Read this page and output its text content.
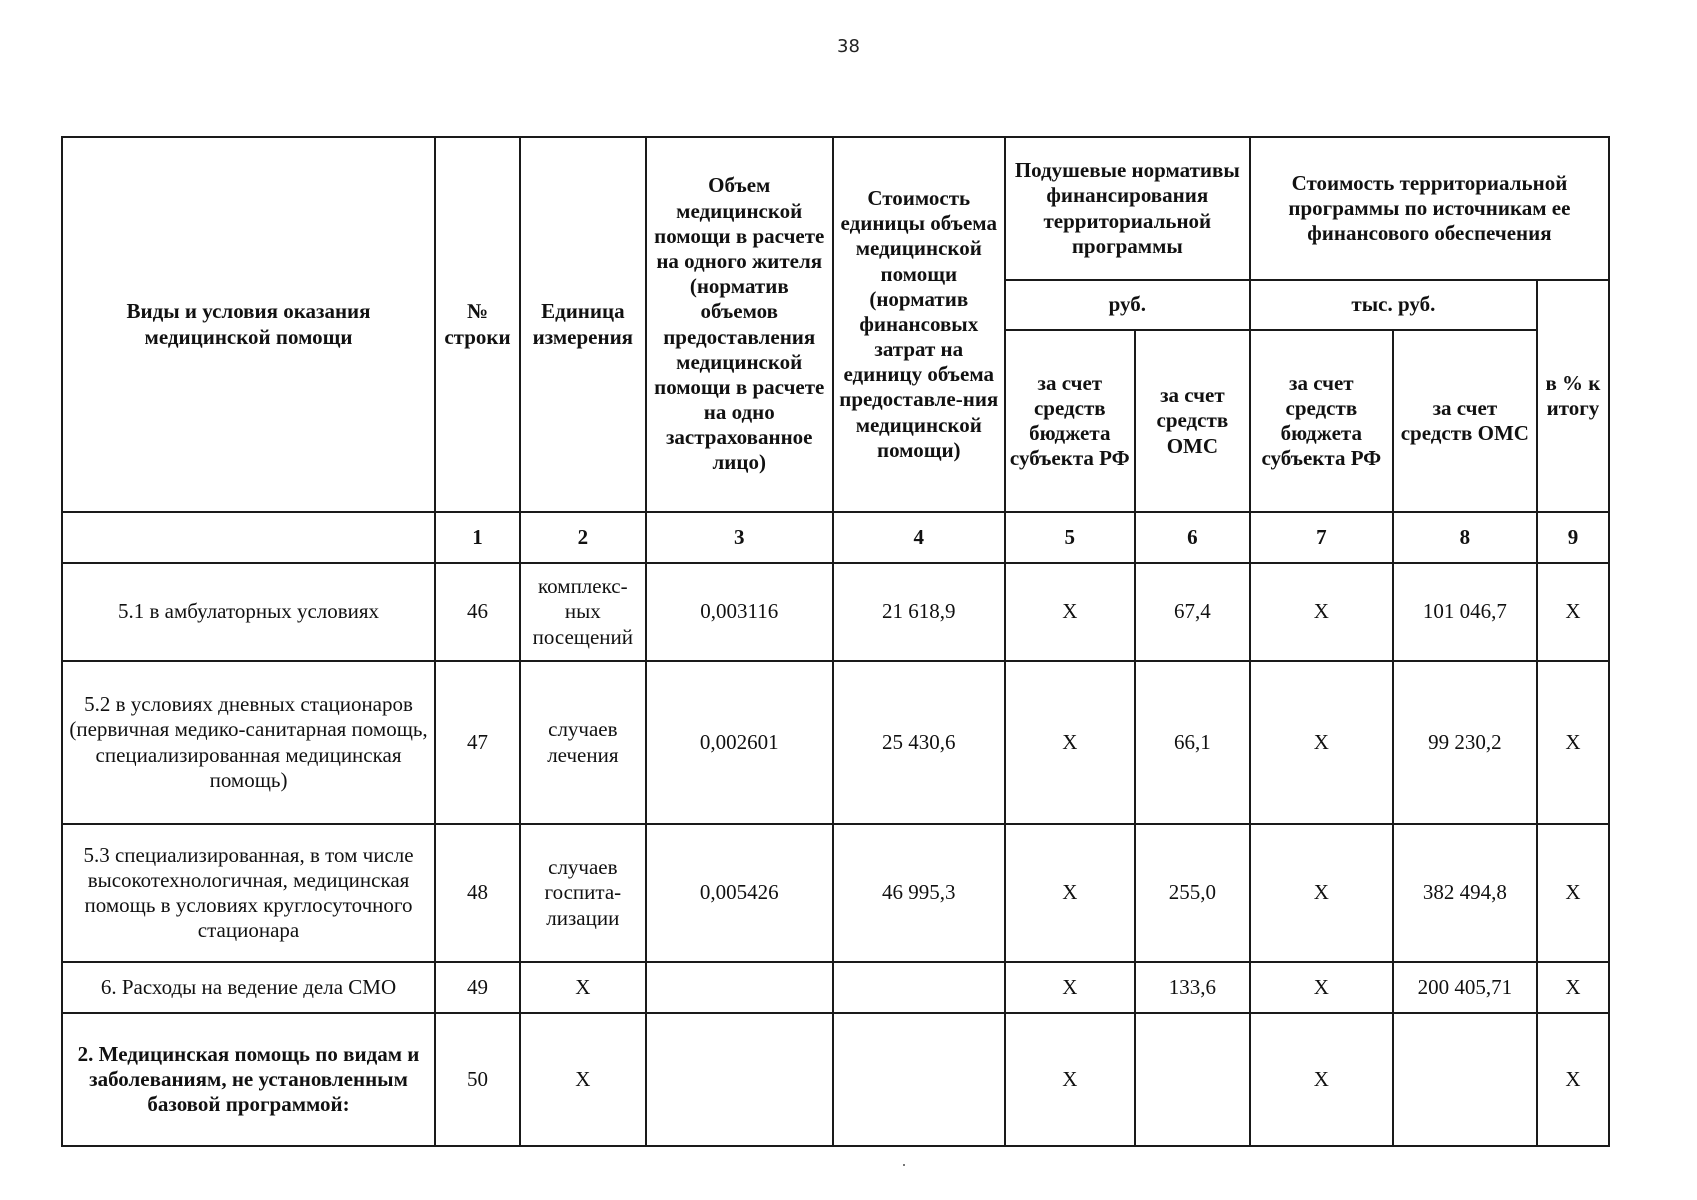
38
Виды и условия оказания медицинской помощи	№ строки	Единица измерения	Объем медицинской помощи в расчете на одного жителя (норматив объемов предоставления медицинской помощи в расчете на одно застрахованное лицо)	Стоимость единицы объема медицинской помощи (норматив финансовых затрат на единицу объема предоставле-ния медицинской помощи)	Подушевые нормативы финансирования территориальной программы		Стоимость территориальной программы по источникам ее финансового обеспечения		

					руб.		тыс. руб.		в % к итогу

					за счет средств бюджета субъекта РФ	за счет средств ОМС	за счет средств бюджета субъекта РФ	за счет средств ОМС	

	1	2	3	4	5	6	7	8	9
5.1 в амбулаторных условиях	46	комплекс-ных посещений	0,003116	21 618,9	X	67,4	X	101 046,7	X
5.2 в условиях дневных стационаров (первичная медико-санитарная помощь, специализированная медицинская помощь)	47	случаев лечения	0,002601	25 430,6	X	66,1	X	99 230,2	X
5.3 специализированная, в том числе высокотехнологичная, медицинская помощь в условиях круглосуточного стационара	48	случаев госпита-лизации	0,005426	46 995,3	X	255,0	X	382 494,8	X
6. Расходы на ведение дела СМО	49	X			X	133,6	X	200 405,71	X
2. Медицинская помощь по видам и заболеваниям, не установленным базовой программой:	50	X			X		X		X
